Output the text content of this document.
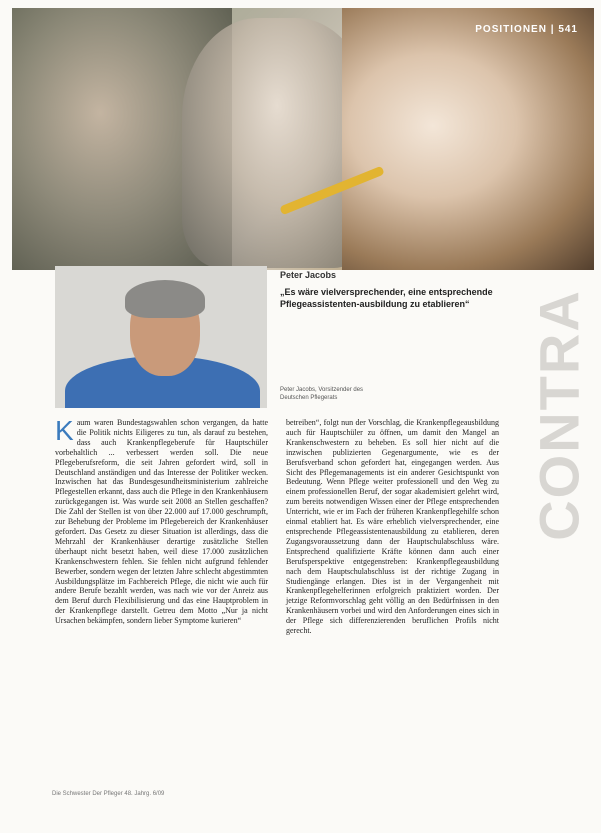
POSITIONEN | 541
CONTRA
Peter Jacobs
„Es wäre vielversprechender, eine entsprechende Pflegeassistenten-ausbildung zu etablieren“
Peter Jacobs, Vorsitzender des
Deutschen Pflegerats

Kaum waren Bundestagswahlen schon vergangen, da hatte die Politik nichts Eiligeres zu tun, als darauf zu bestehen, dass auch Krankenpflegeberufe für Hauptschüler vorbehaltlich ... verbessert werden soll. Die neue Pflegeberufsreform, die seit Jahren gefordert wird, soll in Deutschland anständigen und das Interesse der Politiker wecken. Inzwischen hat das Bundesgesundheitsministerium zahlreiche Pflegestellen erkannt, dass auch die Pflege in den Krankenhäusern zurückgegangen ist. Was wurde seit 2008 an Stellen geschaffen? Die Zahl der Stellen ist von über 22.000 auf 17.000 geschrumpft, zur Behebung der Probleme im Pflegebereich der Krankenhäuser gefordert. Das Gesetz zu dieser Situation ist allerdings, dass die Mehrzahl der Krankenhäuser derartige zusätzliche Stellen überhaupt nicht besetzt haben, weil diese 17.000 zusätzlichen Krankenschwestern fehlen. Sie fehlen nicht aufgrund fehlender Bewerber, sondern wegen der letzten Jahre schlecht abgestimmten Ausbildungsplätze im Fachbereich Pflege, die nicht wie auch für andere Berufe bezahlt werden, was nach wie vor der Anreiz aus dem Beruf durch Flexibilisierung und das eine Hauptproblem in der Krankenpflege darstellt. Getreu dem Motto „Nur ja nicht Ursachen bekämpfen, sondern lieber Symptome kurieren“

betreiben“, folgt nun der Vorschlag, die Krankenpflegeausbildung auch für Hauptschüler zu öffnen, um damit den Mangel an Krankenschwestern zu beheben. Es soll hier nicht auf die inzwischen publizierten Gegenargumente, wie es der Berufsverband schon gefordert hat, eingegangen werden. Aus Sicht des Pflegemanagements ist ein anderer Gesichtspunkt von Bedeutung. Wenn Pflege weiter professionell und den Weg zu einem professionellen Beruf, der sogar akademisiert gelehrt wird, zum bereits notwendigen Wissen einer der Pflege entsprechenden Unterricht, wie er im Fach der früheren Krankenpflegehilfe schon einmal etabliert hat. Es wäre erheblich vielversprechender, eine entsprechende Pflegeassistentenausbildung zu etablieren, deren Zugangsvoraussetzung dann der Hauptschulabschluss wäre. Entsprechend qualifizierte Kräfte können dann auch einer Berufsperspektive entgegenstreben: Krankenpflegeausbildung nach dem Hauptschulabschluss ist der richtige Zugang in Studiengänge erlangen. Dies ist in der Vergangenheit mit Krankenpflegehelferinnen erfolgreich praktiziert worden. Der jetzige Reformvorschlag geht völlig an den Bedürfnissen in den Krankenhäusern vorbei und wird den Anforderungen eines sich in der Pflege sich differenzierenden beruflichen Profils nicht gerecht.

Die Schwester Der Pfleger 48. Jahrg. 6/09
